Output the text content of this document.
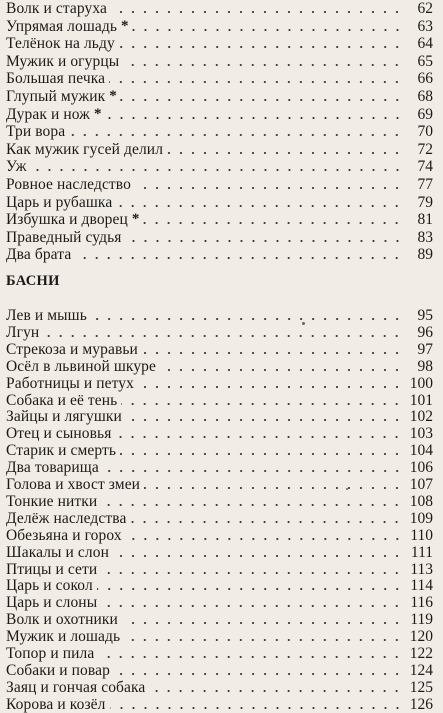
Волк и старуха	62
Упрямая лошадь *	63
Телёнок на льду	64
Мужик и огурцы	65
Большая печка	66
Глупый мужик *	68
Дурак и нож *	69
Три вора	70
Как мужик гусей делил	72
Уж	74
Ровное наследство	77
Царь и рубашка	79
Избушка и дворец *	81
Праведный судья	83
Два брата	89
БАСНИ
Лев и мышь	95
Лгун	96
Стрекоза и муравьи	97
Осёл в львиной шкуре	98
Работницы и петух	100
Собака и её тень	101
Зайцы и лягушки	102
Отец и сыновья	103
Старик и смерть	104
Два товарища	106
Голова и хвост змеи	107
Тонкие нитки	108
Делёж наследства	109
Обезьяна и горох	110
Шакалы и слон	111
Птицы и сети	113
Царь и сокол	114
Царь и слоны	116
Волк и охотники	119
Мужик и лошадь	120
Топор и пила	122
Собаки и повар	124
Заяц и гончая собака	125
Корова и козёл	126
